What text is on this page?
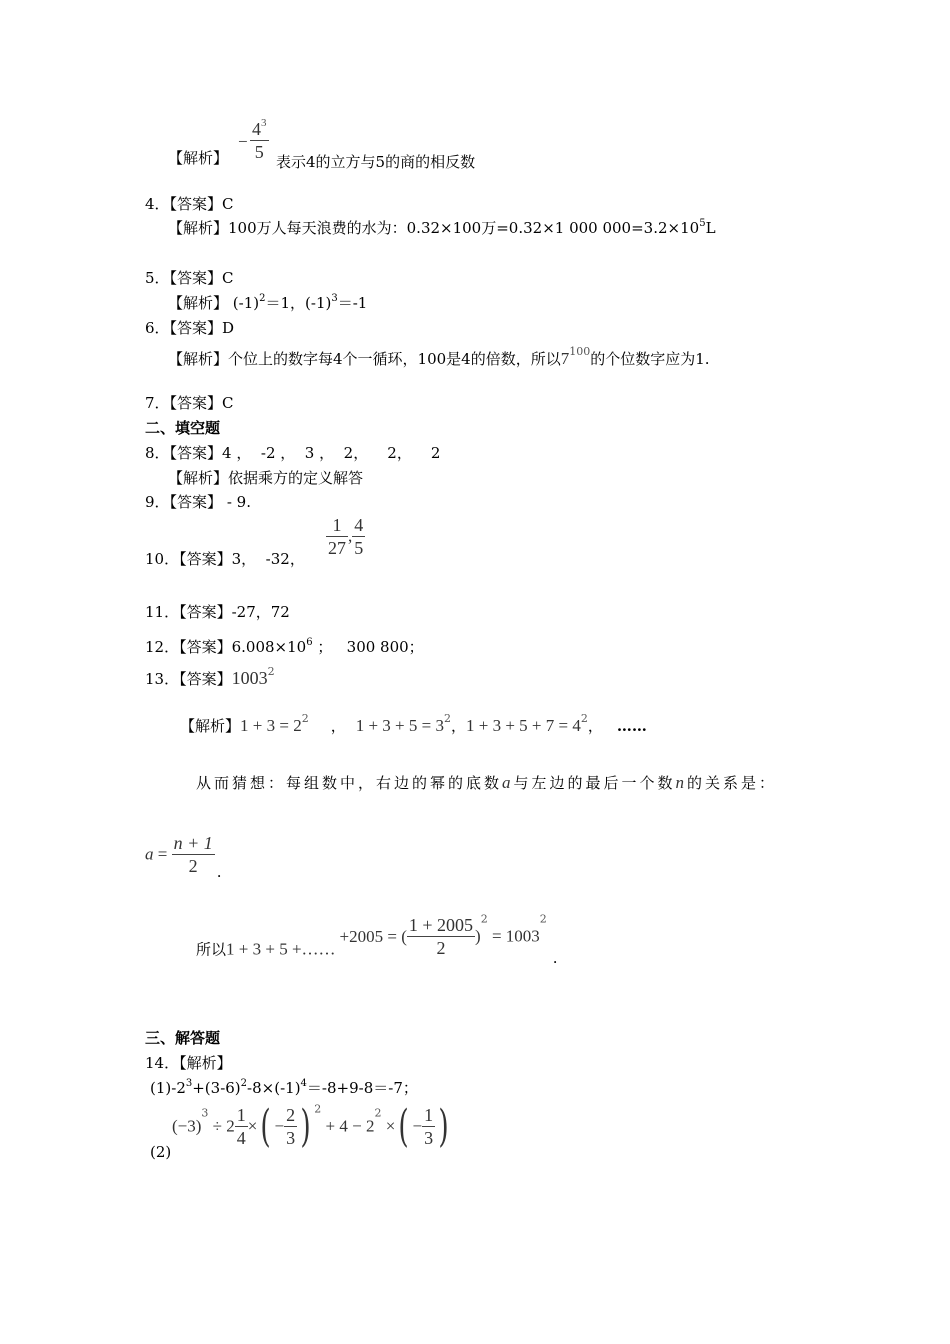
【解析】
− $\frac{4^3}{5}$ 表示4的立方与5的商的相反数
4．【答案】C
【解析】100万人每天浪费的水为：0.32×100万=0.32×1 000 $000=3.2\times 10^5L$
5．【答案】C
【解析】 $(-1)^2=1$，$(-1)^3=-1$
6．【答案】D
【解析】个位上的数字每4个一循环，100是4的倍数，所以$7^{100}$的个位数字应为1.
7．【答案】C
二、填空题
8．【答案】4 ，  -2 ，  3 ，  2，    2，    2
【解析】依据乘方的定义解答
9．【答案】 - 9.
10．【答案】3，  -32， $\frac{1}{27}$ , $\frac{4}{5}$
11．【答案】-27，72
12．【答案】$6.008\times 10^6$ ；   300 800；
13．【答案】1003$^2$
【解析】$1 + 3 = 2^2$ ， $1 + 3 + 5 = 3^2$，$1 + 3 + 5 + 7 = 4^2$， ……
从而猜想：每组数中，右边的幂的底数a与左边的最后一个数n的关系是：
$a = \frac{n + 1}{2}$ .
所以1 + 3 + 5 +……+2005 = ( $\frac{1 + 2005}{2} )^2 = 1003^2$.
三、解答题
14．【解析】
$(1)-2^3+(3-6)^2-8\times(-1)^4=-8+9-8=-7$；
$(-3)^3 \div 2 \frac{1}{4}$ ×( − $\frac{2}{3}$ ) $^2 + 4 - 2^2$ ×( − $\frac{1}{3}$ )
(2)
